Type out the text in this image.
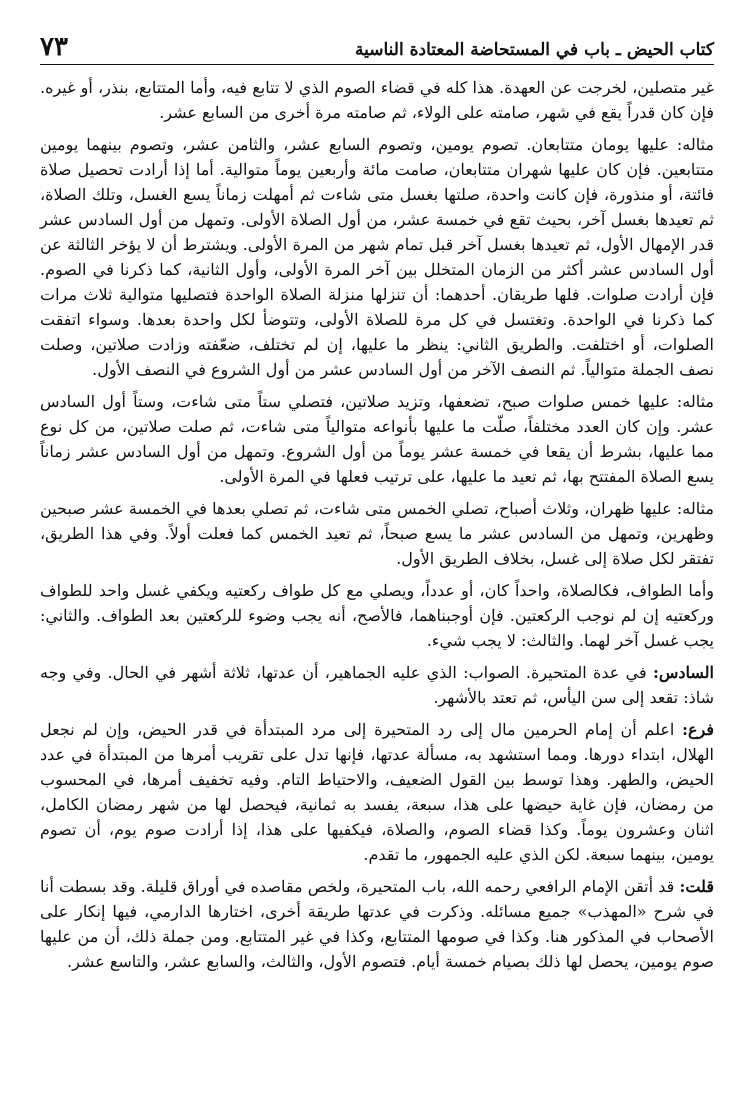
كتاب الحيض ـ باب في المستحاضة المعتادة الناسية
٧٣

غير متصلين، لخرجت عن العهدة. هذا كله في قضاء الصوم الذي لا تتابع فيه، وأما المتتابع، بنذر، أو غيره. فإن كان قدراً يقع في شهر، صامته على الولاء، ثم صامته مرة أخرى من السابع عشر.

مثاله: عليها يومان متتابعان. تصوم يومين، وتصوم السابع عشر، والثامن عشر، وتصوم بينهما يومين متتابعين. فإن كان عليها شهران متتابعان، صامت مائة وأربعين يوماً متوالية. أما إذا أرادت تحصيل صلاة فائتة، أو منذورة، فإن كانت واحدة، صلتها بغسل متى شاءت ثم أمهلت زماناً يسع الغسل، وتلك الصلاة، ثم تعيدها بغسل آخر، بحيث تقع في خمسة عشر، من أول الصلاة الأولى. وتمهل من أول السادس عشر قدر الإمهال الأول، ثم تعيدها بغسل آخر قبل تمام شهر من المرة الأولى. ويشترط أن لا يؤخر الثالثة عن أول السادس عشر أكثر من الزمان المتخلل بين آخر المرة الأولى، وأول الثانية، كما ذكرنا في الصوم. فإن أرادت صلوات. فلها طريقان. أحدهما: أن تنزلها منزلة الصلاة الواحدة فتصليها متوالية ثلاث مرات كما ذكرنا في الواحدة. وتغتسل في كل مرة للصلاة الأولى، وتتوضأ لكل واحدة بعدها. وسواء اتفقت الصلوات، أو اختلفت. والطريق الثاني: ينظر ما عليها، إن لم تختلف، ضعّفته وزادت صلاتين، وصلت نصف الجملة متوالياً. ثم النصف الآخر من أول السادس عشر من أول الشروع في النصف الأول.

مثاله: عليها خمس صلوات صبح، تضعفها، وتزيد صلاتين، فتصلي ستاً متى شاءت، وستاً أول السادس عشر. وإن كان العدد مختلفاً، صلّت ما عليها بأنواعه متوالياً متى شاءت، ثم صلت صلاتين، من كل نوع مما عليها، بشرط أن يقعا في خمسة عشر يوماً من أول الشروع. وتمهل من أول السادس عشر زماناً يسع الصلاة المفتتح بها، ثم تعيد ما عليها، على ترتيب فعلها في المرة الأولى.

مثاله: عليها ظهران، وثلاث أصباح، تصلي الخمس متى شاءت، ثم تصلي بعدها في الخمسة عشر صبحين وظهرين، وتمهل من السادس عشر ما يسع صبحاً، ثم تعيد الخمس كما فعلت أولاً. وفي هذا الطريق، تفتقر لكل صلاة إلى غسل، بخلاف الطريق الأول.

وأما الطواف، فكالصلاة، واحداً كان، أو عدداً، ويصلي مع كل طواف ركعتيه ويكفي غسل واحد للطواف وركعتيه إن لم نوجب الركعتين. فإن أوجبناهما، فالأصح، أنه يجب وضوء للركعتين بعد الطواف. والثاني: يجب غسل آخر لهما. والثالث: لا يجب شيء.

السادس: في عدة المتحيرة. الصواب: الذي عليه الجماهير، أن عدتها، ثلاثة أشهر في الحال. وفي وجه شاذ: تقعد إلى سن اليأس، ثم تعتد بالأشهر.

فرع: اعلم أن إمام الحرمين مال إلى رد المتحيرة إلى مرد المبتدأة في قدر الحيض، وإن لم نجعل الهلال، ابتداء دورها. ومما استشهد به، مسألة عدتها، فإنها تدل على تقريب أمرها من المبتدأة في عدد الحيض، والطهر. وهذا توسط بين القول الضعيف، والاحتياط التام. وفيه تخفيف أمرها، في المحسوب من رمضان، فإن غاية حيضها على هذا، سبعة، يفسد به ثمانية، فيحصل لها من شهر رمضان الكامل، اثنان وعشرون يوماً. وكذا قضاء الصوم، والصلاة، فيكفيها على هذا، إذا أرادت صوم يوم، أن تصوم يومين، بينهما سبعة. لكن الذي عليه الجمهور، ما تقدم.

قلت: قد أتقن الإمام الرافعي رحمه الله، باب المتحيرة، ولخص مقاصده في أوراق قليلة. وقد بسطت أنا في شرح «المهذب» جميع مسائله. وذكرت في عدتها طريقة أخرى، اختارها الدارمي، فيها إنكار على الأصحاب في المذكور هنا. وكذا في صومها المتتابع، وكذا في غير المتتابع. ومن جملة ذلك، أن من عليها صوم يومين، يحصل لها ذلك بصيام خمسة أيام. فتصوم الأول، والثالث، والسابع عشر، والتاسع عشر.
